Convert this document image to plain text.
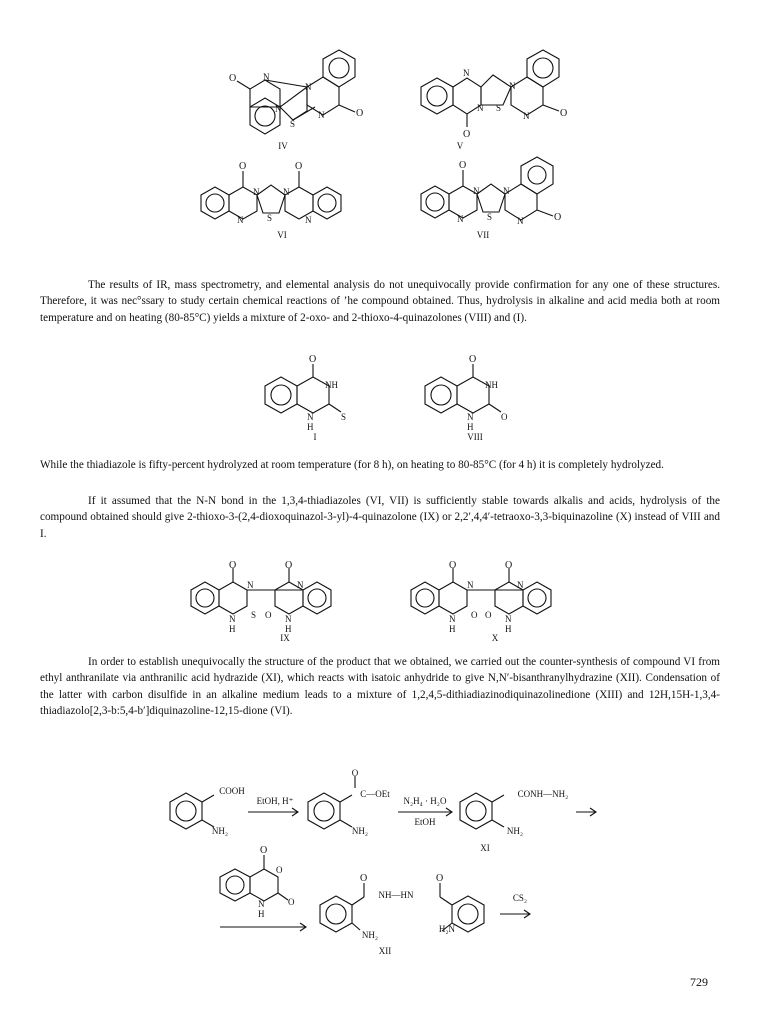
O	N
N
N
S
N	O
IV
N
N
N S
N	O
O
V
O	O
N	N
S
N	N
VI
O
N	N
S
N	N	O
VII

The results of IR, mass spectrometry, and elemental analysis do not unequivocally provide confirmation for any one of these structures. Therefore, it was nec°ssary to study certain chemical reactions of ’he compound obtained. Thus, hydrolysis in alkaline and acid media both at room temperature and on heating (80-85°C) yields a mixture of 2-oxo- and 2-thioxo-4-quinazolones (VIII) and (I).

O
NH
S
N
H
I
O
NH
O
N
H
VIII

While the thiadiazole is fifty-percent hydrolyzed at room temperature (for 8 h), on heating to 80-85°C (for 4 h) it is completely hydrolyzed.

If it assumed that the N-N bond in the 1,3,4-thiadiazoles (VI, VII) is sufficiently stable towards alkalis and acids, hydrolysis of the compound obtained should give 2-thioxo-3-(2,4-dioxoquinazol-3-yl)-4-quinazolone (IX) or 2,2′,4,4′-tetraoxo-3,3-biquinazoline (X) instead of VIII and I.

O	O
N	N
S O
N
H
N
H
IX
O	O
N	N
O O
N
H
N
H
X

In order to establish unequivocally the structure of the product that we obtained, we carried out the counter-synthesis of compound VI from ethyl anthranilate via anthranilic acid hydrazide (XI), which reacts with isatoic anhydride to give N,N′-bisanthranylhydrazine (XII). Condensation of the latter with carbon disulfide in an alkaline medium leads to a mixture of 1,2,4,5-dithiadiazinodiquinazolinedione (XIII) and 12H,15H-1,3,4-thiadiazolo[2,3-b:5,4-b′]diquinazoline-12,15-dione (VI).

COOH
NH₂
EtOH, H⁺
O
C—OEt
NH₂
N₂H₄ · H₂O
EtOH
CONH—NH₂
NH₂
XI
O
O
N
H
O
O	O
NH—HN
NH₂
H₂N
CS₂
XII
729
